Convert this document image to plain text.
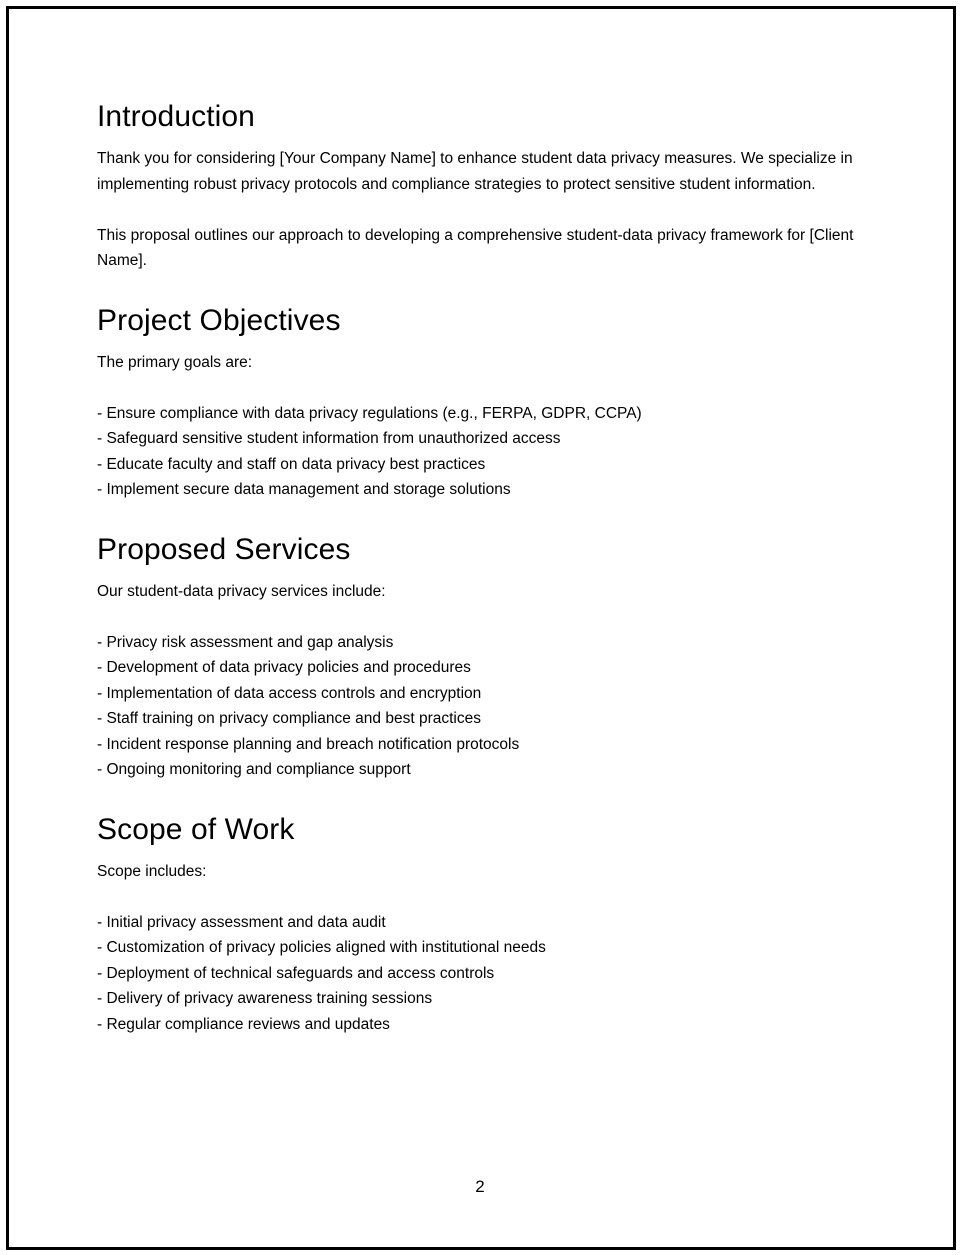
Introduction

Thank you for considering [Your Company Name] to enhance student data privacy measures. We specialize in implementing robust privacy protocols and compliance strategies to protect sensitive student information.

This proposal outlines our approach to developing a comprehensive student-data privacy framework for [Client Name].

Project Objectives

The primary goals are:

- Ensure compliance with data privacy regulations (e.g., FERPA, GDPR, CCPA)
- Safeguard sensitive student information from unauthorized access
- Educate faculty and staff on data privacy best practices
- Implement secure data management and storage solutions
Proposed Services

Our student-data privacy services include:

- Privacy risk assessment and gap analysis
- Development of data privacy policies and procedures
- Implementation of data access controls and encryption
- Staff training on privacy compliance and best practices
- Incident response planning and breach notification protocols
- Ongoing monitoring and compliance support
Scope of Work

Scope includes:

- Initial privacy assessment and data audit
- Customization of privacy policies aligned with institutional needs
- Deployment of technical safeguards and access controls
- Delivery of privacy awareness training sessions
- Regular compliance reviews and updates
2
